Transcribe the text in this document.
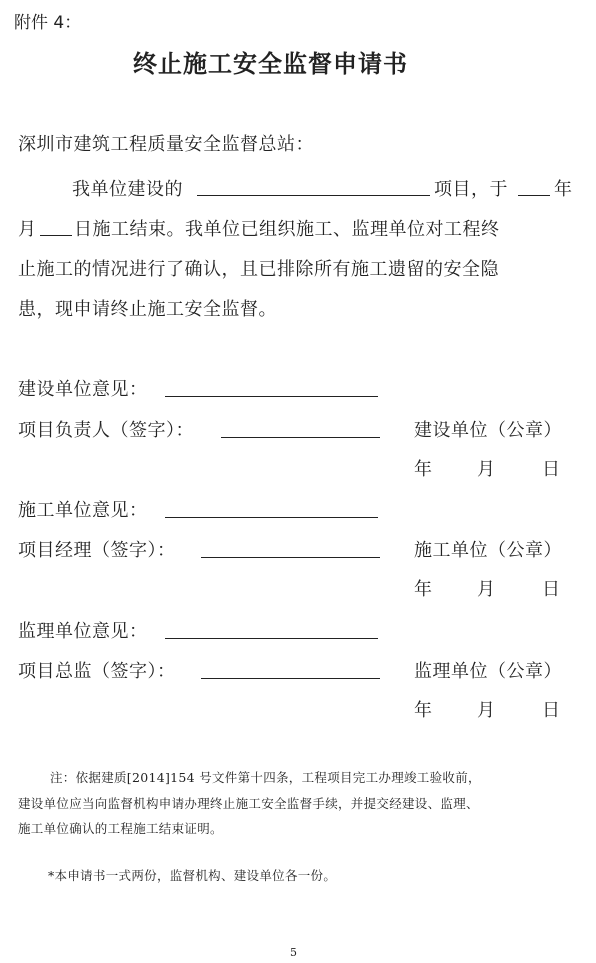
附件 4：
终止施工安全监督申请书
深圳市建筑工程质量安全监督总站：
我单位建设的	项目，于	年
月 日施工结束。我单位已组织施工、监理单位对工程终
止施工的情况进行了确认，且已排除所有施工遗留的安全隐
患，现申请终止施工安全监督。
建设单位意见：
项目负责人（签字）：	建设单位（公章）
年 月	日
施工单位意见：
项目经理（签字）：	施工单位（公章）
年 月	日
监理单位意见：
项目总监（签字）：	监理单位（公章）
年 月	日
注：依据建质[2014]154 号文件第十四条，工程项目完工办理竣工验收前，
建设单位应当向监督机构申请办理终止施工安全监督手续，并提交经建设、监理、
施工单位确认的工程施工结束证明。
*本申请书一式两份，监督机构、建设单位各一份。
5
